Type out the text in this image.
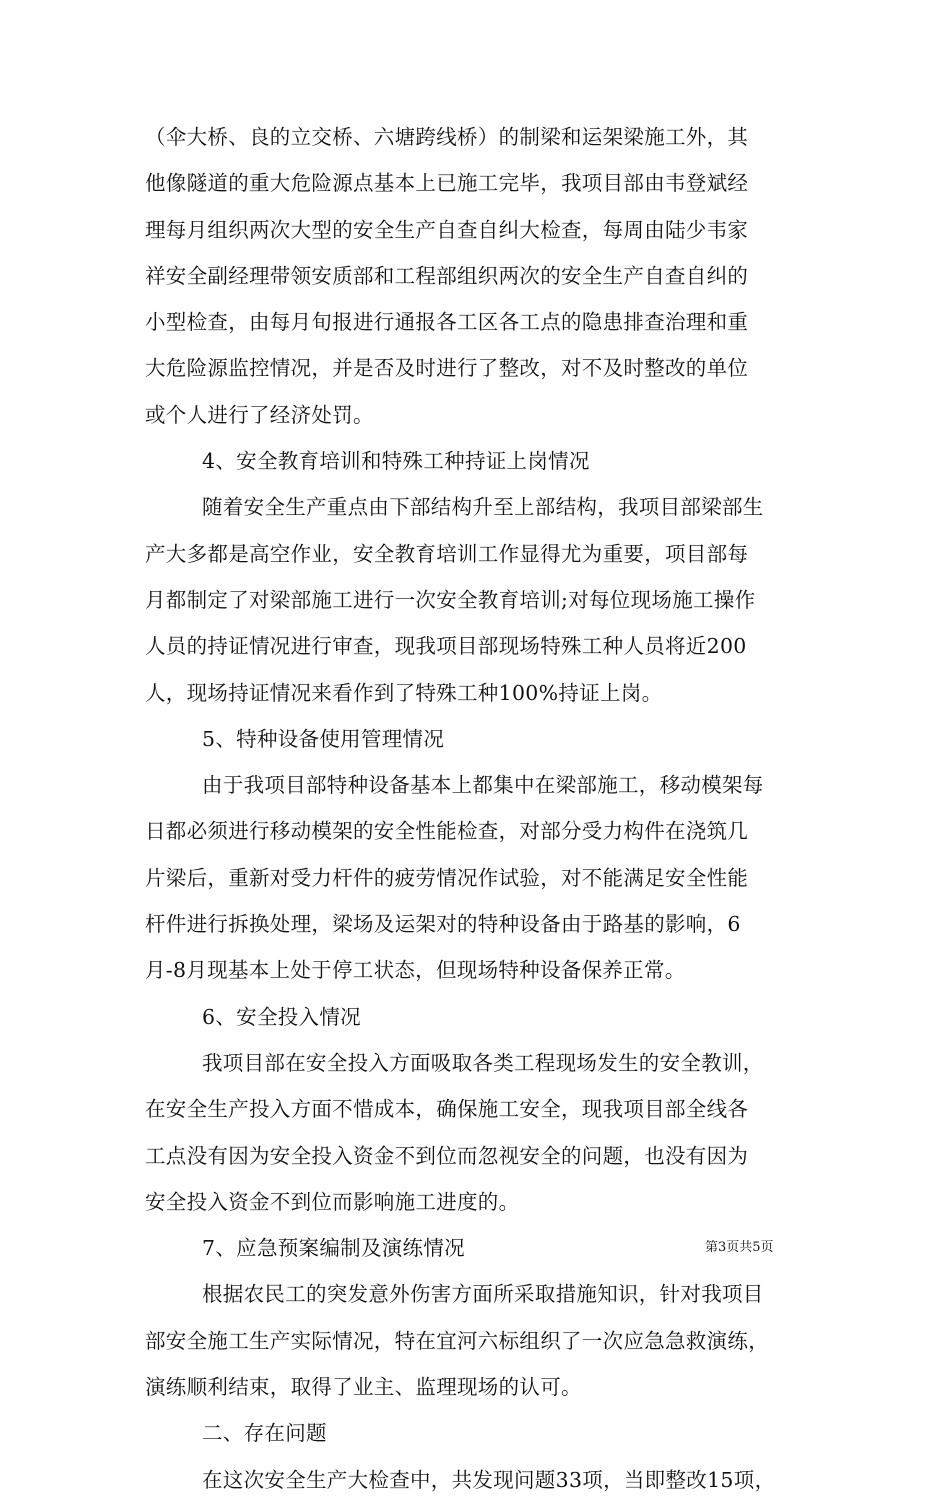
（伞大桥、良的立交桥、六塘跨线桥）的制梁和运架梁施工外，其
他像隧道的重大危险源点基本上已施工完毕，我项目部由韦登斌经
理每月组织两次大型的安全生产自查自纠大检查，每周由陆少韦家
祥安全副经理带领安质部和工程部组织两次的安全生产自查自纠的
小型检查，由每月旬报进行通报各工区各工点的隐患排查治理和重
大危险源监控情况，并是否及时进行了整改，对不及时整改的单位
或个人进行了经济处罚。
4、安全教育培训和特殊工种持证上岗情况
随着安全生产重点由下部结构升至上部结构，我项目部梁部生
产大多都是高空作业，安全教育培训工作显得尤为重要，项目部每
月都制定了对梁部施工进行一次安全教育培训;对每位现场施工操作
人员的持证情况进行审查，现我项目部现场特殊工种人员将近200
人，现场持证情况来看作到了特殊工种100%持证上岗。
5、特种设备使用管理情况
由于我项目部特种设备基本上都集中在梁部施工，移动模架每
日都必须进行移动模架的安全性能检查，对部分受力构件在浇筑几
片梁后，重新对受力杆件的疲劳情况作试验，对不能满足安全性能
杆件进行拆换处理，梁场及运架对的特种设备由于路基的影响，6
月-8月现基本上处于停工状态，但现场特种设备保养正常。
6、安全投入情况
我项目部在安全投入方面吸取各类工程现场发生的安全教训，
在安全生产投入方面不惜成本，确保施工安全，现我项目部全线各
工点没有因为安全投入资金不到位而忽视安全的问题，也没有因为
安全投入资金不到位而影响施工进度的。
7、应急预案编制及演练情况
根据农民工的突发意外伤害方面所采取措施知识，针对我项目
部安全施工生产实际情况，特在宜河六标组织了一次应急急救演练，
演练顺利结束，取得了业主、监理现场的认可。
二、存在问题
在这次安全生产大检查中，共发现问题33项，当即整改15项，
第3页共5页
